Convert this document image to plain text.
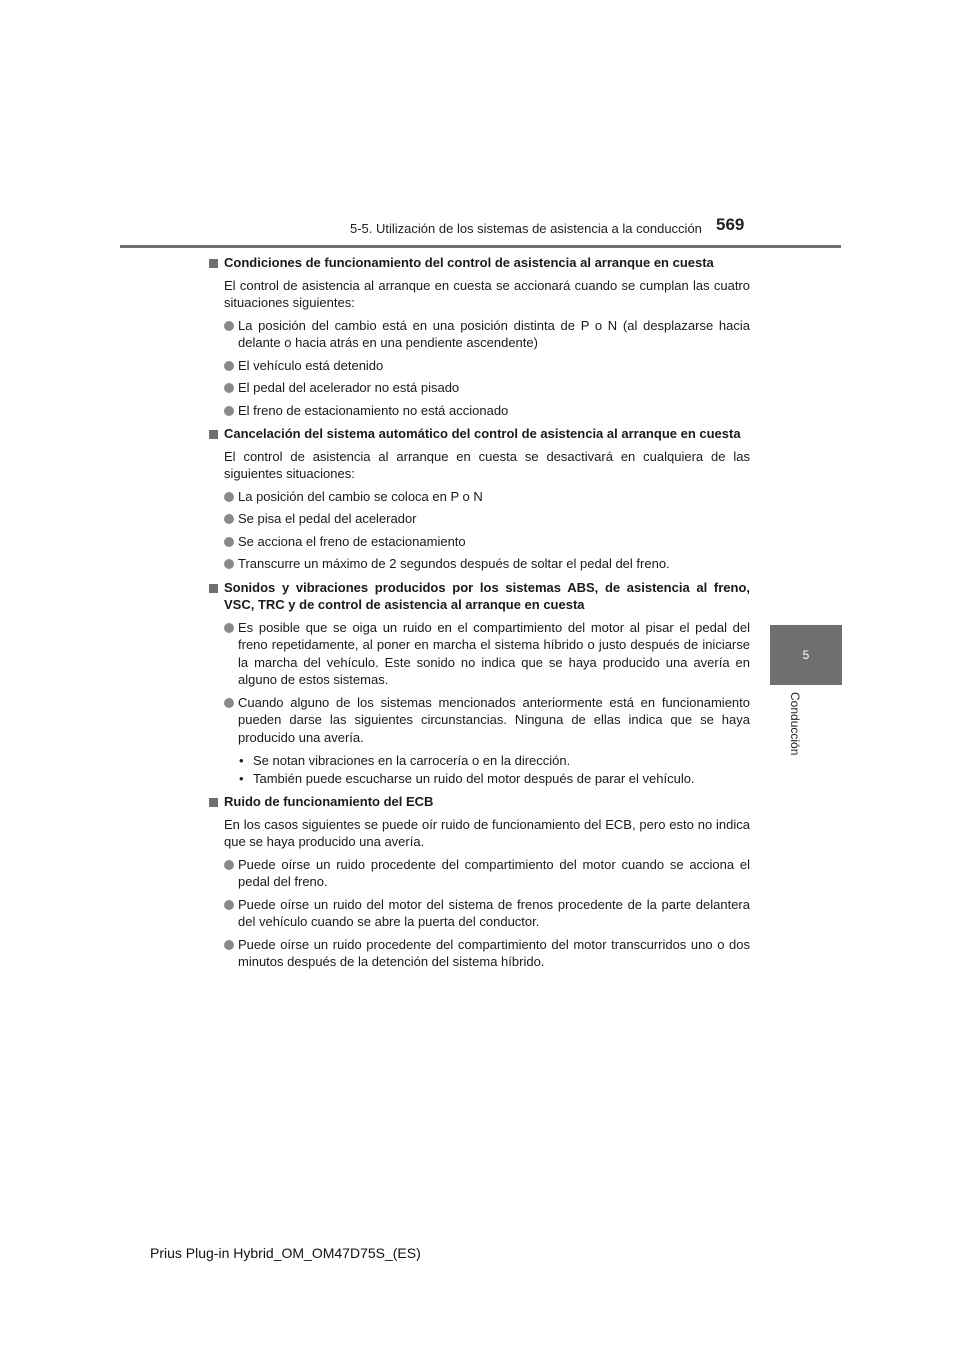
5-5. Utilización de los sistemas de asistencia a la conducción 569
5
Conducción
Condiciones de funcionamiento del control de asistencia al arranque en cuesta
El control de asistencia al arranque en cuesta se accionará cuando se cumplan las cuatro situaciones siguientes:
La posición del cambio está en una posición distinta de P o N (al desplazarse hacia delante o hacia atrás en una pendiente ascendente)
El vehículo está detenido
El pedal del acelerador no está pisado
El freno de estacionamiento no está accionado
Cancelación del sistema automático del control de asistencia al arranque en cuesta
El control de asistencia al arranque en cuesta se desactivará en cualquiera de las siguientes situaciones:
La posición del cambio se coloca en P o N
Se pisa el pedal del acelerador
Se acciona el freno de estacionamiento
Transcurre un máximo de 2 segundos después de soltar el pedal del freno.
Sonidos y vibraciones producidos por los sistemas ABS, de asistencia al freno, VSC, TRC y de control de asistencia al arranque en cuesta
Es posible que se oiga un ruido en el compartimiento del motor al pisar el pedal del freno repetidamente, al poner en marcha el sistema híbrido o justo después de iniciarse la marcha del vehículo. Este sonido no indica que se haya producido una avería en alguno de estos sistemas.
Cuando alguno de los sistemas mencionados anteriormente está en funcionamiento pueden darse las siguientes circunstancias. Ninguna de ellas indica que se haya producido una avería.
• Se notan vibraciones en la carrocería o en la dirección.
• También puede escucharse un ruido del motor después de parar el vehículo.
Ruido de funcionamiento del ECB
En los casos siguientes se puede oír ruido de funcionamiento del ECB, pero esto no indica que se haya producido una avería.
Puede oírse un ruido procedente del compartimiento del motor cuando se acciona el pedal del freno.
Puede oírse un ruido del motor del sistema de frenos procedente de la parte delantera del vehículo cuando se abre la puerta del conductor.
Puede oírse un ruido procedente del compartimiento del motor transcurridos uno o dos minutos después de la detención del sistema híbrido.
Prius Plug-in Hybrid_OM_OM47D75S_(ES)
